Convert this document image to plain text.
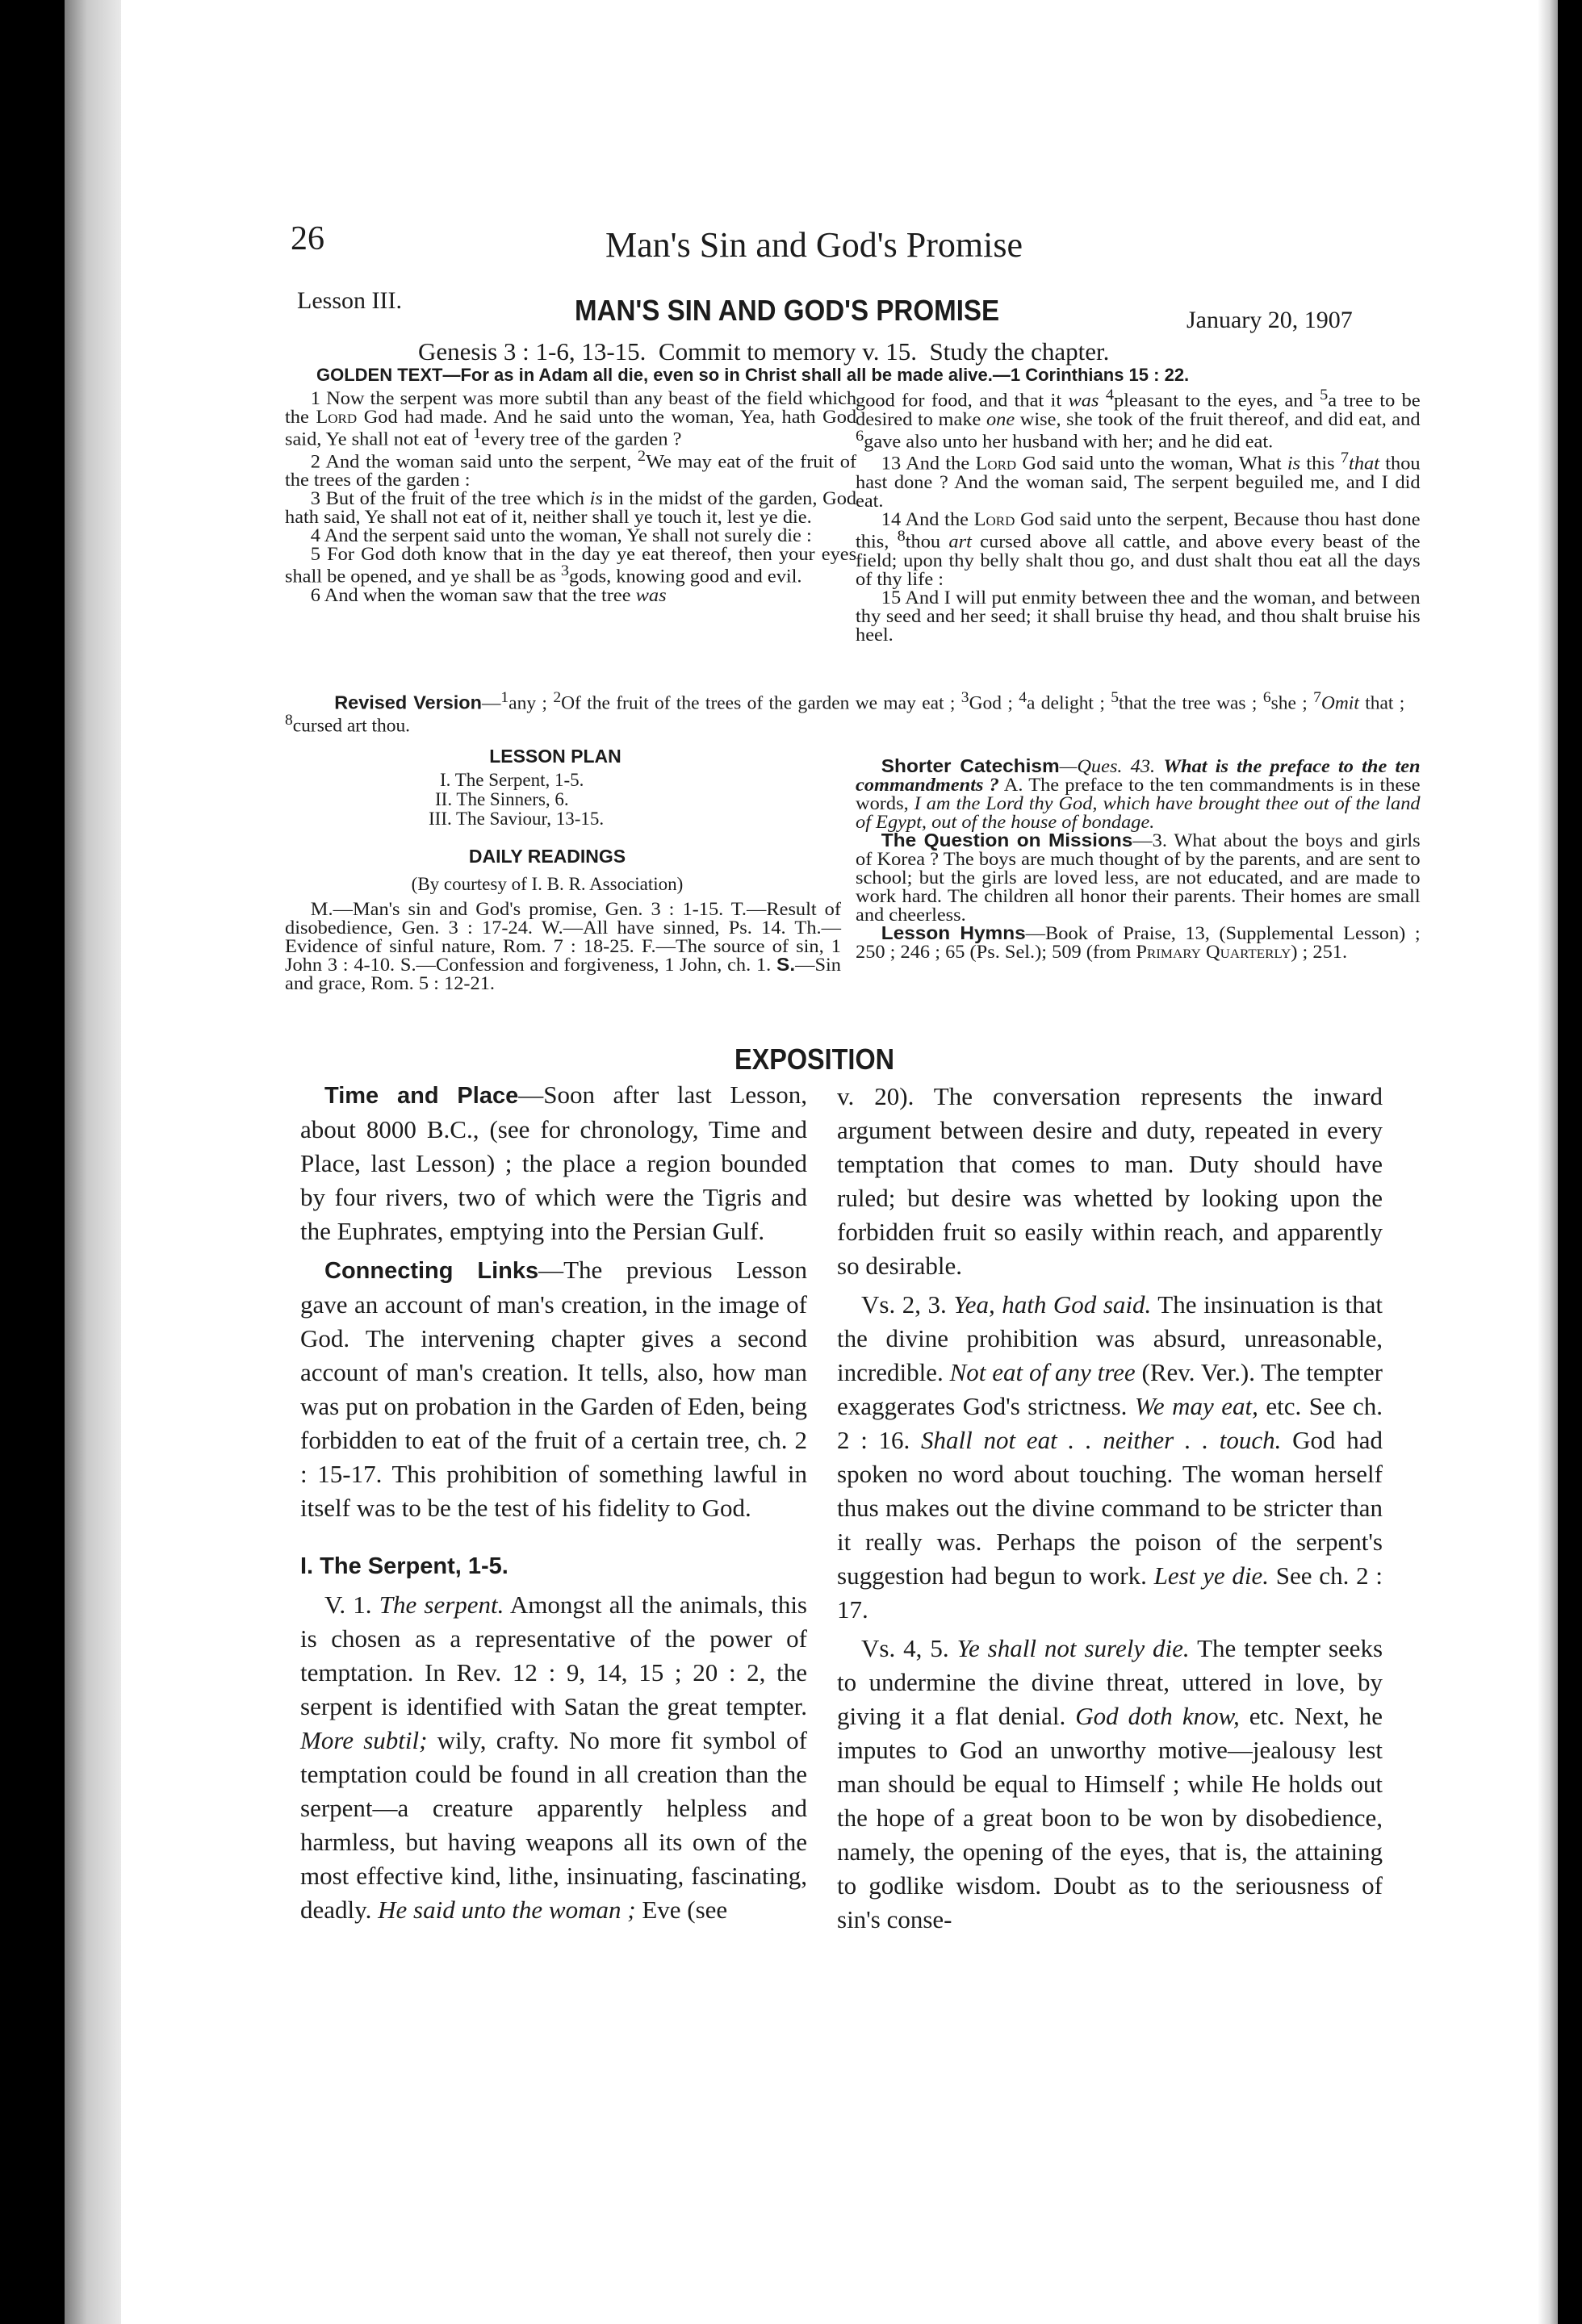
26	Man's Sin and God's Promise
Lesson III.	MAN'S SIN AND GOD'S PROMISE	January 20, 1907
Genesis 3 : 1-6, 13-15.  Commit to memory v. 15.  Study the chapter.
GOLDEN TEXT—For as in Adam all die, even so in Christ shall all be made alive.—1 Corinthians 15 : 22.

1 Now the serpent was more subtil than any beast of the field which the Lord God had made. And he said unto the woman, Yea, hath God said, Ye shall not eat of $^1$every tree of the garden ?

2 And the woman said unto the serpent, $^2$We may eat of the fruit of the trees of the garden :

3 But of the fruit of the tree which is in the midst of the garden, God hath said, Ye shall not eat of it, neither shall ye touch it, lest ye die.

4 And the serpent said unto the woman, Ye shall not surely die :

5 For God doth know that in the day ye eat thereof, then your eyes shall be opened, and ye shall be as $^3$gods, knowing good and evil.

6 And when the woman saw that the tree was

good for food, and that it was $^4$pleasant to the eyes, and $^5$a tree to be desired to make one wise, she took of the fruit thereof, and did eat, and $^6$gave also unto her husband with her; and he did eat.

13 And the Lord God said unto the woman, What is this $^7$that thou hast done ? And the woman said, The serpent beguiled me, and I did eat.

14 And the Lord God said unto the serpent, Because thou hast done this, $^8$thou art cursed above all cattle, and above every beast of the field; upon thy belly shalt thou go, and dust shalt thou eat all the days of thy life :

15 And I will put enmity between thee and the woman, and between thy seed and her seed; it shall bruise thy head, and thou shalt bruise his heel.

Revised Version—$^1$any ; $^2$Of the fruit of the trees of the garden we may eat ; $^3$God ; $^4$a delight ; $^5$that the tree was ; $^6$she ; $^7$Omit that ; $^8$cursed art thou.

LESSON PLAN
I. The Serpent, 1-5.
II. The Sinners, 6.
III. The Saviour, 13-15.
DAILY READINGS
(By courtesy of I. B. R. Association)

M.—Man's sin and God's promise, Gen. 3 : 1-15. T.—Result of disobedience, Gen. 3 : 17-24. W.—All have sinned, Ps. 14. Th.—Evidence of sinful nature, Rom. 7 : 18-25. F.—The source of sin, 1 John 3 : 4-10. S.—Confession and forgiveness, 1 John, ch. 1. S.—Sin and grace, Rom. 5 : 12-21.

Shorter Catechism—Ques. 43. What is the preface to the ten commandments ? A. The preface to the ten commandments is in these words, I am the Lord thy God, which have brought thee out of the land of Egypt, out of the house of bondage.

The Question on Missions—3. What about the boys and girls of Korea ? The boys are much thought of by the parents, and are sent to school; but the girls are loved less, are not educated, and are made to work hard. The children all honor their parents. Their homes are small and cheerless.

Lesson Hymns—Book of Praise, 13, (Supplemental Lesson) ; 250 ; 246 ; 65 (Ps. Sel.); 509 (from Primary Quarterly) ; 251.

EXPOSITION

Time and Place—Soon after last Lesson, about 8000 B.C., (see for chronology, Time and Place, last Lesson) ; the place a region bounded by four rivers, two of which were the Tigris and the Euphrates, emptying into the Persian Gulf.

Connecting Links—The previous Lesson gave an account of man's creation, in the image of God. The intervening chapter gives a second account of man's creation. It tells, also, how man was put on probation in the Garden of Eden, being forbidden to eat of the fruit of a certain tree, ch. 2 : 15-17. This prohibition of something lawful in itself was to be the test of his fidelity to God.

I. The Serpent, 1-5.

V. 1. The serpent. Amongst all the animals, this is chosen as a representative of the power of temptation. In Rev. 12 : 9, 14, 15 ; 20 : 2, the serpent is identified with Satan the great tempter. More subtil; wily, crafty. No more fit symbol of temptation could be found in all creation than the serpent—a creature apparently helpless and harmless, but having weapons all its own of the most effective kind, lithe, insinuating, fascinating, deadly. He said unto the woman ; Eve (see

v. 20). The conversation represents the inward argument between desire and duty, repeated in every temptation that comes to man. Duty should have ruled; but desire was whetted by looking upon the forbidden fruit so easily within reach, and apparently so desirable.

Vs. 2, 3. Yea, hath God said. The insinuation is that the divine prohibition was absurd, unreasonable, incredible. Not eat of any tree (Rev. Ver.). The tempter exaggerates God's strictness. We may eat, etc. See ch. 2 : 16. Shall not eat . . neither . . touch. God had spoken no word about touching. The woman herself thus makes out the divine command to be stricter than it really was. Perhaps the poison of the serpent's suggestion had begun to work. Lest ye die. See ch. 2 : 17.

Vs. 4, 5. Ye shall not surely die. The tempter seeks to undermine the divine threat, uttered in love, by giving it a flat denial. God doth know, etc. Next, he imputes to God an unworthy motive—jealousy lest man should be equal to Himself ; while He holds out the hope of a great boon to be won by disobedience, namely, the opening of the eyes, that is, the attaining to godlike wisdom. Doubt as to the seriousness of sin's conse-
